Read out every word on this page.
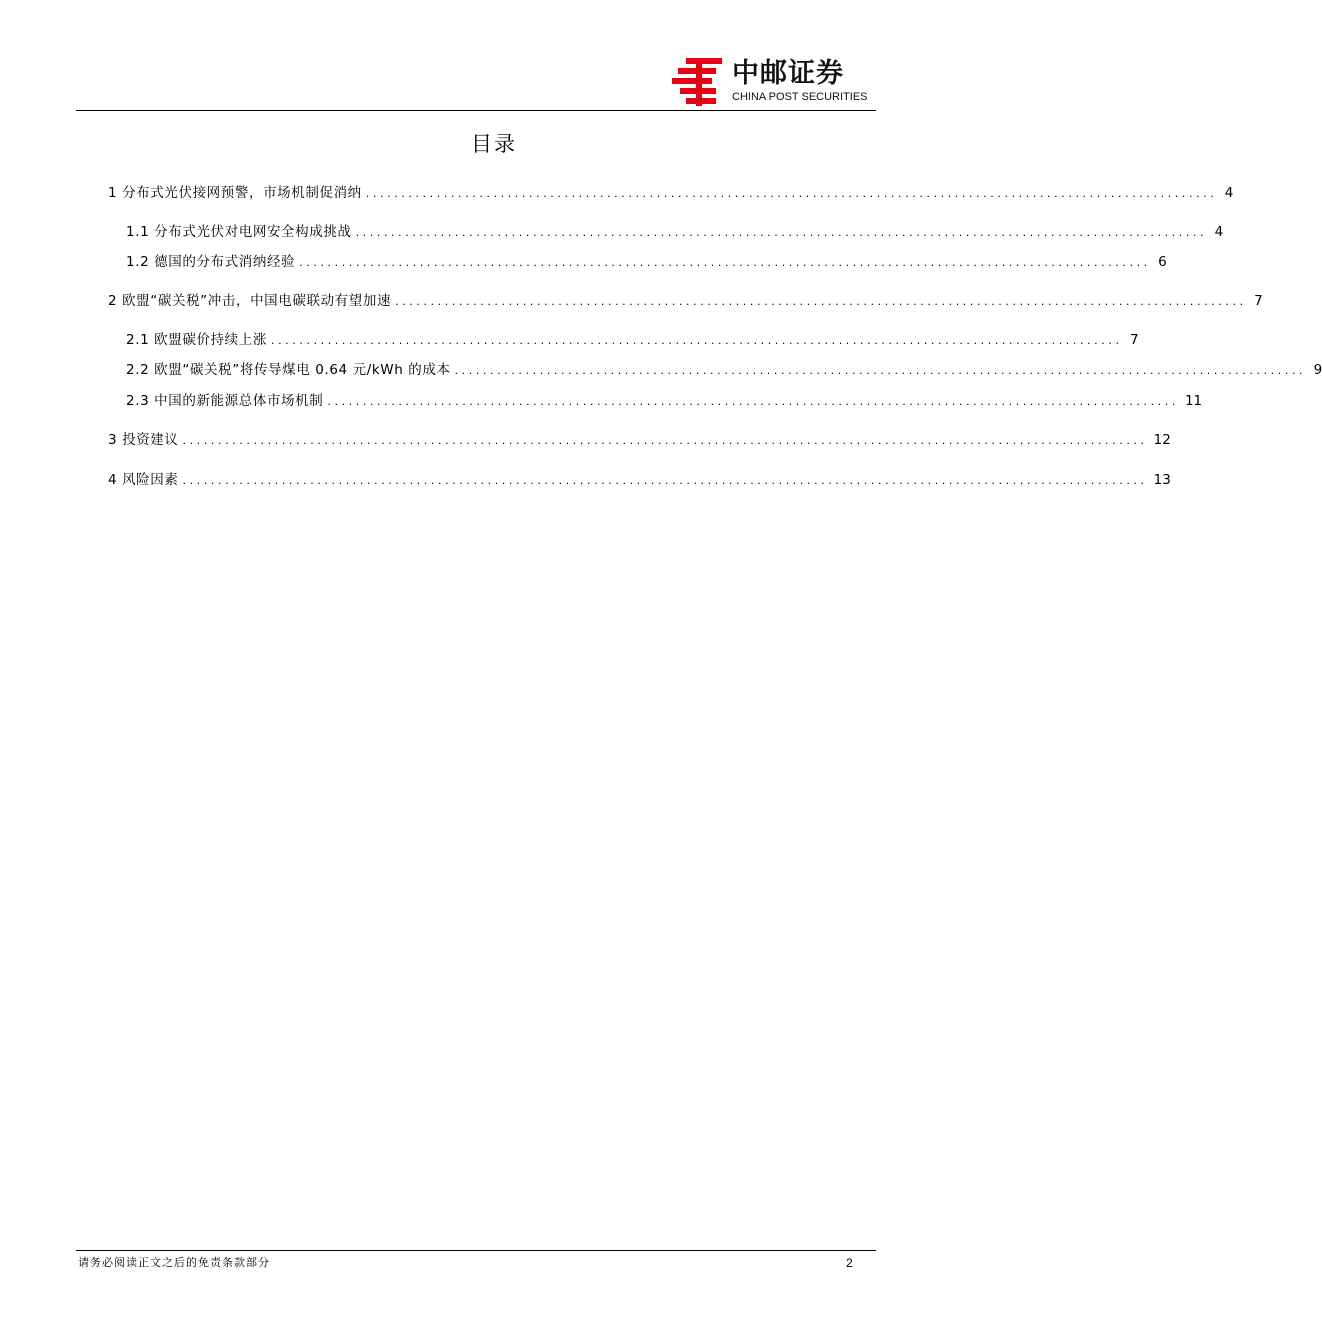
中邮证券
CHINA POST SECURITIES
目录
1 分布式光伏接网预警，市场机制促消纳 ........................................................................................................................ 4
1.1 分布式光伏对电网安全构成挑战 ........................................................................................................................ 4
1.2 德国的分布式消纳经验 ........................................................................................................................ 6
2 欧盟“碳关税”冲击，中国电碳联动有望加速 ........................................................................................................................ 7
2.1 欧盟碳价持续上涨 ........................................................................................................................ 7
2.2 欧盟“碳关税”将传导煤电 0.64 元/kWh 的成本 ........................................................................................................................ 9
2.3 中国的新能源总体市场机制 ........................................................................................................................ 11
3 投资建议 ........................................................................................................................................ 12
4 风险因素 ........................................................................................................................................ 13
请务必阅读正文之后的免责条款部分	2
